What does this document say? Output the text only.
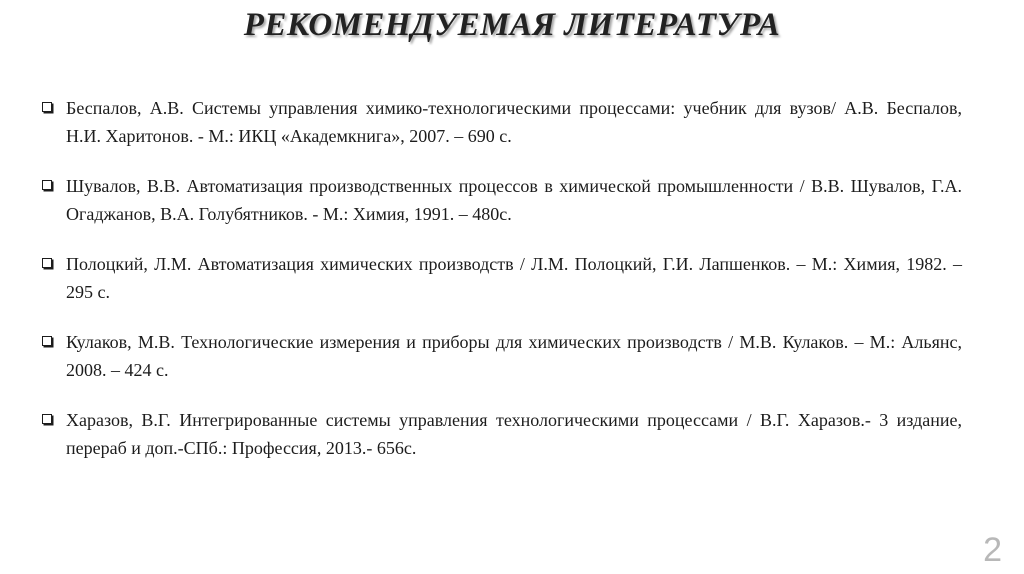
РЕКОМЕНДУЕМАЯ ЛИТЕРАТУРА
Беспалов, А.В. Системы управления химико-технологическими процессами: учебник для вузов/ А.В. Беспалов, Н.И. Харитонов. - М.: ИКЦ «Академкнига», 2007. – 690 с.
Шувалов, В.В. Автоматизация производственных процессов в химической промышленности / В.В. Шувалов, Г.А. Огаджанов, В.А. Голубятников. - М.: Химия, 1991. – 480с.
Полоцкий, Л.М. Автоматизация химических производств / Л.М. Полоцкий, Г.И. Лапшенков. – М.: Химия, 1982. – 295 с.
Кулаков, М.В. Технологические измерения и приборы для химических производств / М.В. Кулаков. – М.: Альянс, 2008. – 424 с.
Харазов, В.Г. Интегрированные системы управления технологическими процессами / В.Г. Харазов.- 3 издание, перераб и доп.-СПб.: Профессия, 2013.- 656с.
2
